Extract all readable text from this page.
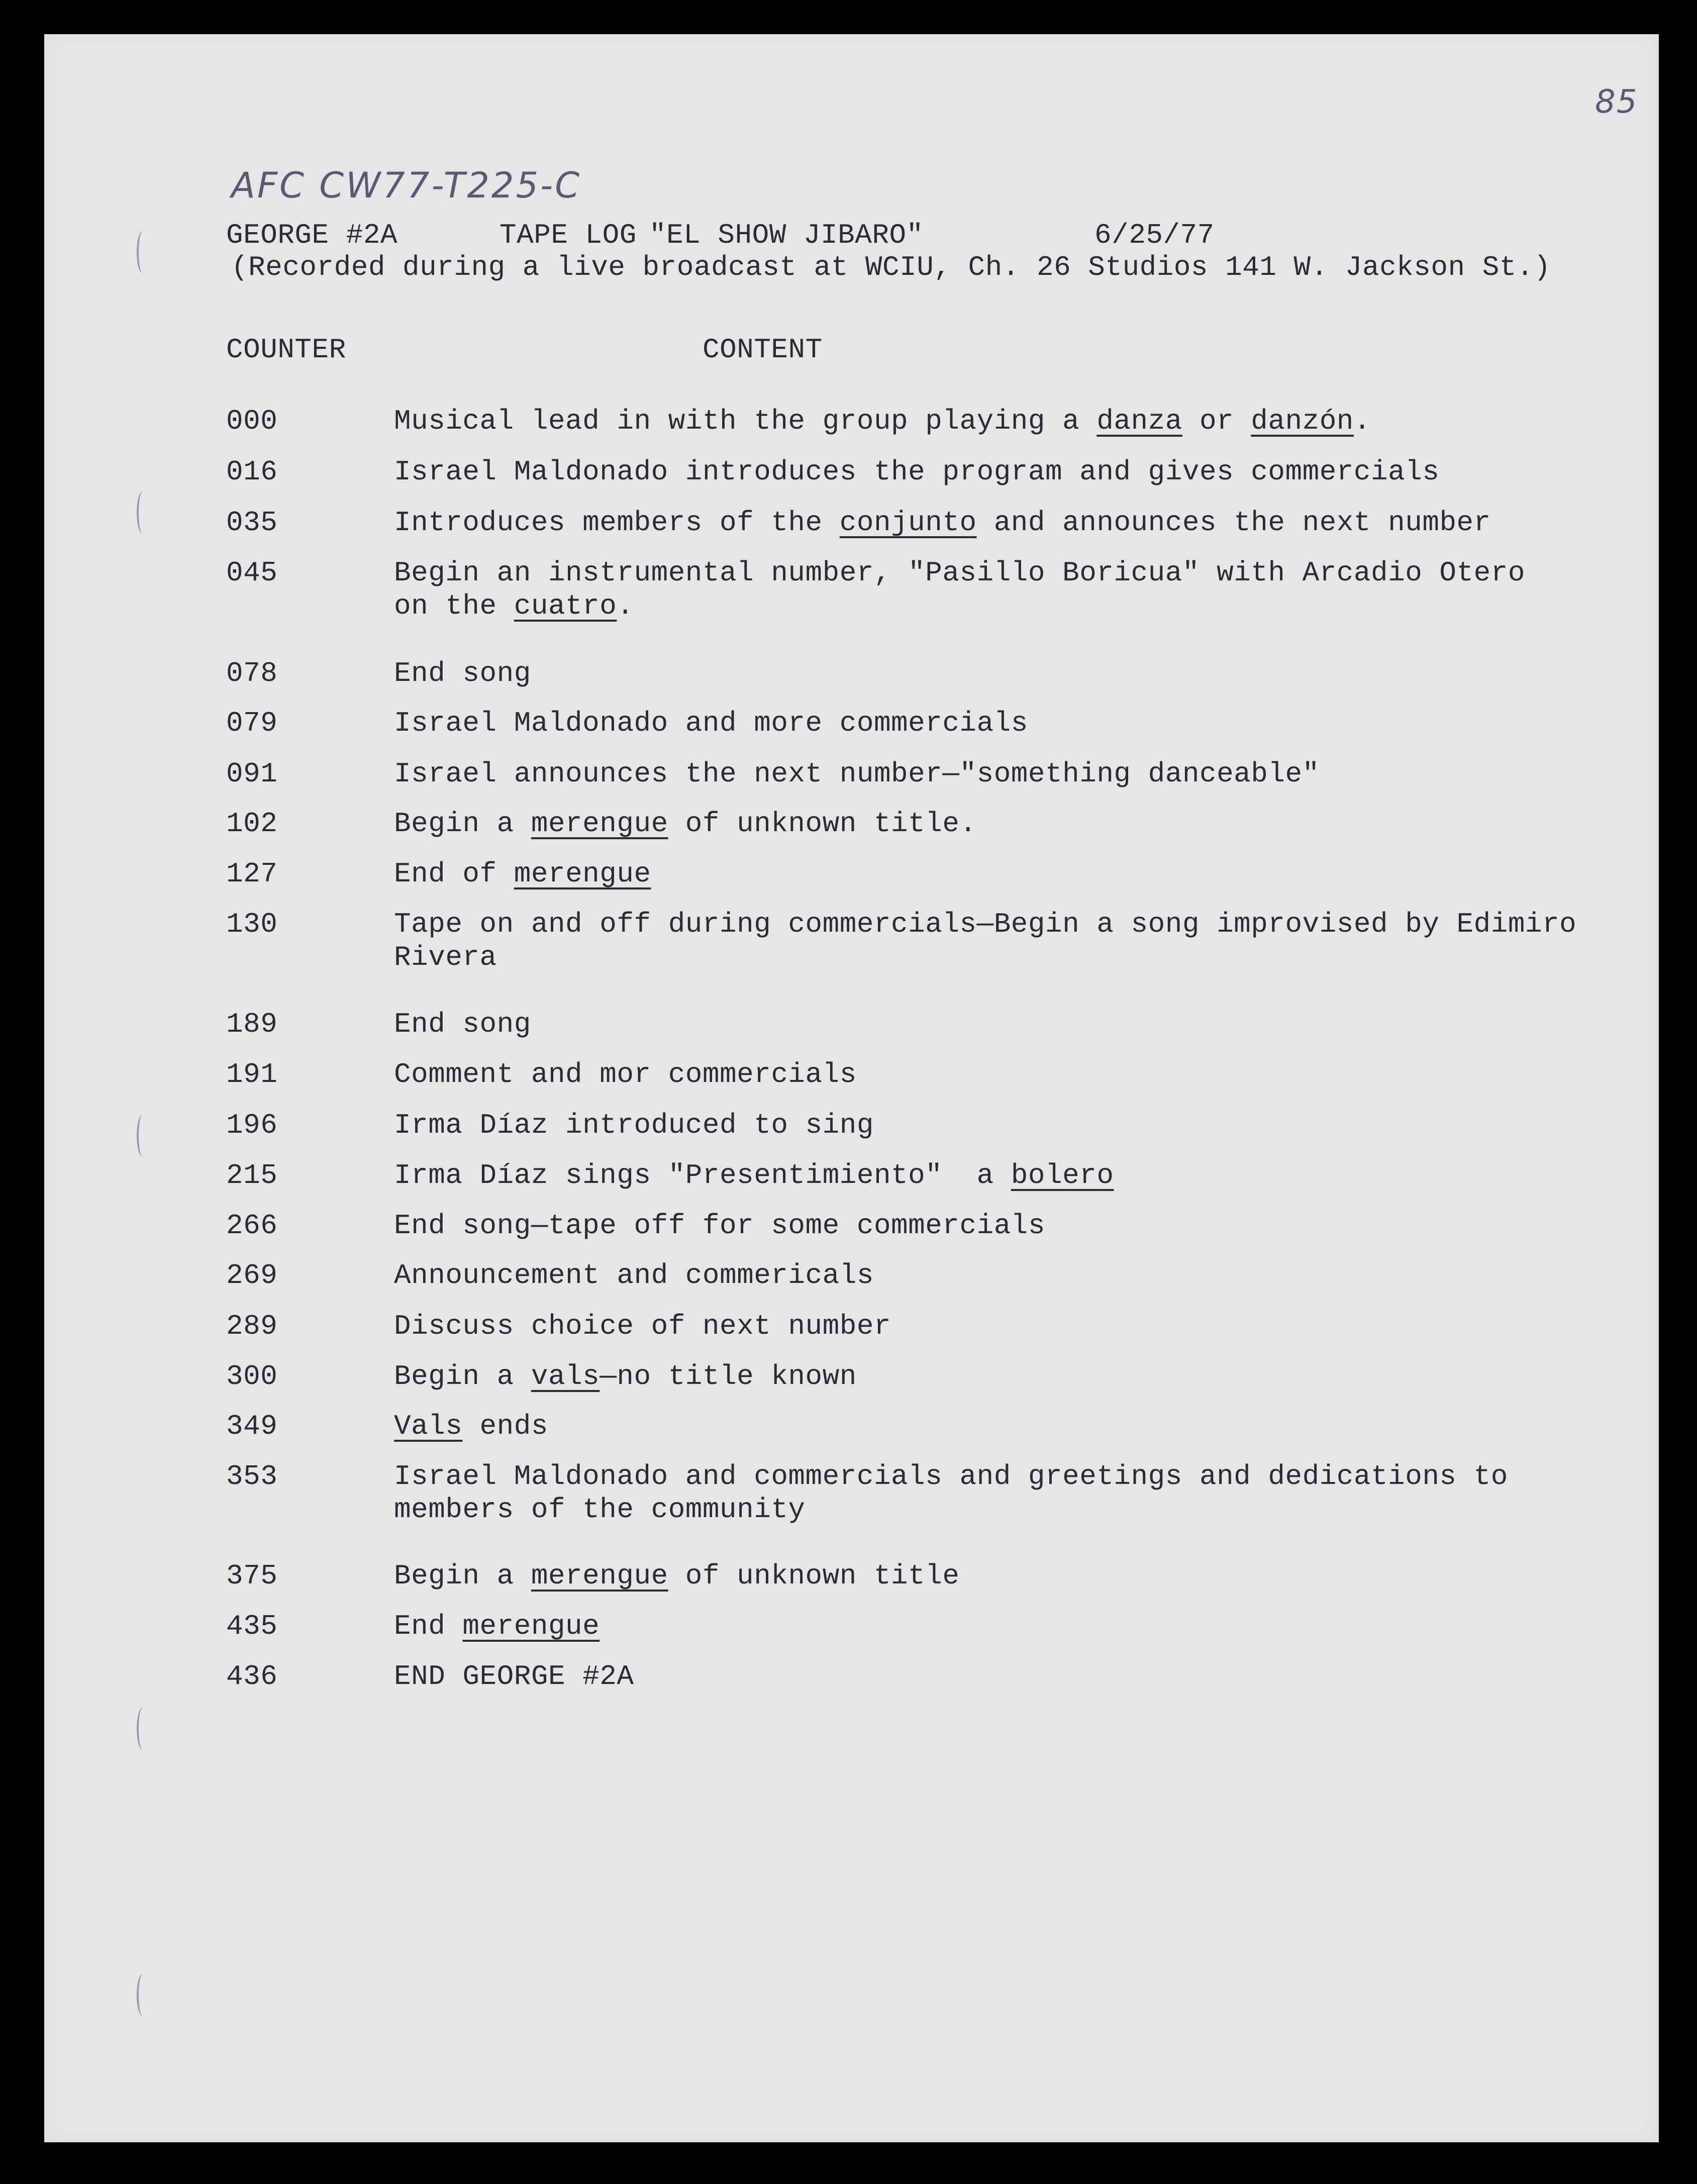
85
AFC CW77-T225-C
GEORGE #2A	TAPE LOG "EL SHOW JIBARO"	6/25/77
(Recorded during a live broadcast at WCIU, Ch. 26 Studios 141 W. Jackson St.)
COUNTER	CONTENT
000	Musical lead in with the group playing a danza or danzón.
016	Israel Maldonado introduces the program and gives commercials
035	Introduces members of the conjunto and announces the next number
045	Begin an instrumental number, "Pasillo Boricua" with Arcadio Otero
on the cuatro.
078	End song
079	Israel Maldonado and more commercials
091	Israel announces the next number—"something danceable"
102	Begin a merengue of unknown title.
127	End of merengue
130	Tape on and off during commercials—Begin a song improvised by Edimiro
Rivera
189	End song
191	Comment and mor commercials
196	Irma Díaz introduced to sing
215	Irma Díaz sings "Presentimiento"  a bolero
266	End song—tape off for some commercials
269	Announcement and commericals
289	Discuss choice of next number
300	Begin a vals—no title known
349	Vals ends
353	Israel Maldonado and commercials and greetings and dedications to
members of the community
375	Begin a merengue of unknown title
435	End merengue
436	END GEORGE #2A
